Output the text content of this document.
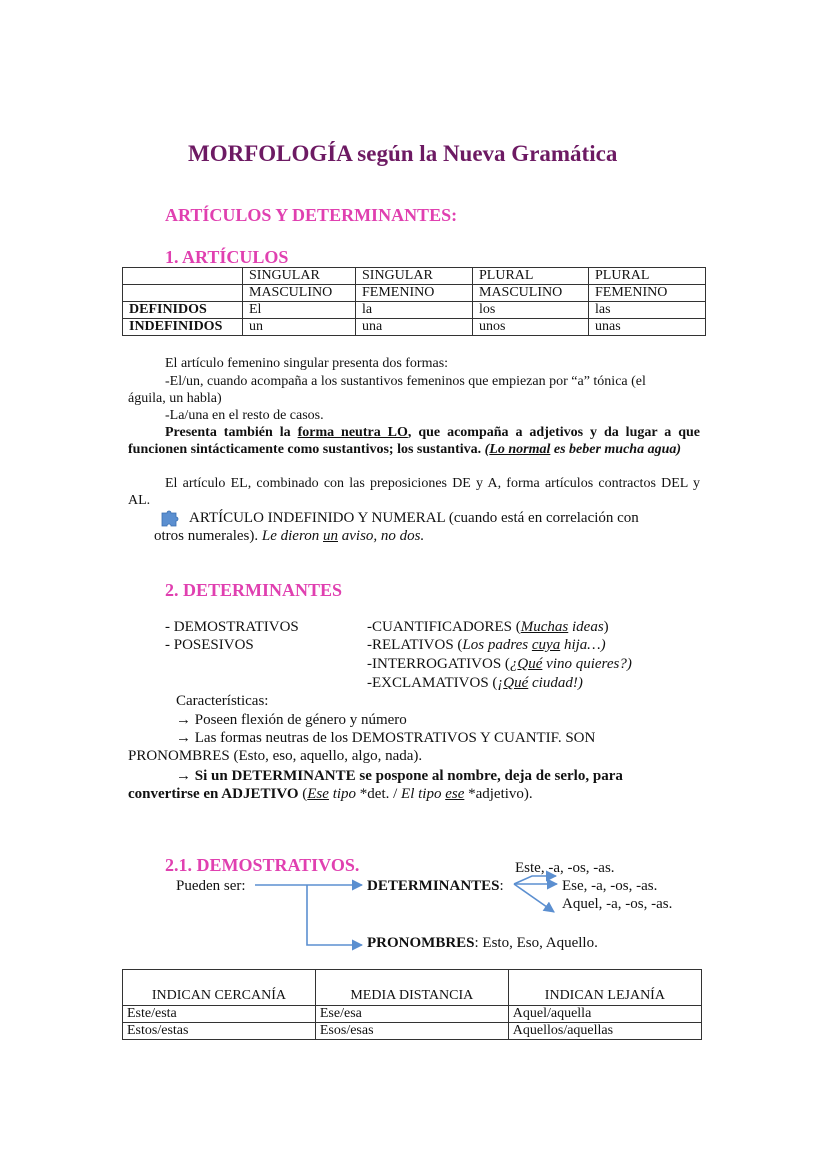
MORFOLOGÍA según la Nueva Gramática
ARTÍCULOS Y DETERMINANTES:
1. ARTÍCULOS
	SINGULAR	SINGULAR	PLURAL	PLURAL
	MASCULINO	FEMENINO	MASCULINO	FEMENINO
DEFINIDOS	El	la	los	las
INDEFINIDOS	un	una	unos	unas
El artículo femenino singular presenta dos formas:
-El/un, cuando acompaña a los sustantivos femeninos que empiezan por “a” tónica (el
águila, un habla)
-La/una en el resto de casos.
Presenta también la forma neutra LO, que acompaña a adjetivos y da lugar a que funcionen sintácticamente como sustantivos; los sustantiva. (Lo normal es beber mucha agua)
El artículo EL, combinado con las preposiciones DE y A, forma artículos contractos DEL y AL.
ARTÍCULO INDEFINIDO Y NUMERAL (cuando está en correlación con
otros numerales). Le dieron un aviso, no dos.
2. DETERMINANTES
- DEMOSTRATIVOS
- POSESIVOS
-CUANTIFICADORES (Muchas ideas)
-RELATIVOS (Los padres cuya hija…)
-INTERROGATIVOS (¿Qué vino quieres?)
-EXCLAMATIVOS (¡Qué ciudad!)
Características:
→ Poseen flexión de género y número
→ Las formas neutras de los DEMOSTRATIVOS Y CUANTIF. SON
PRONOMBRES (Esto, eso, aquello, algo, nada).
→ Si un DETERMINANTE se pospone al nombre, deja de serlo, para
convertirse en ADJETIVO (Ese tipo *det. / El tipo ese *adjetivo).
2.1. DEMOSTRATIVOS.	Este, -a, -os, -as.
Pueden ser:	DETERMINANTES:	Ese, -a, -os, -as.
Aquel, -a, -os, -as.
PRONOMBRES: Esto, Eso, Aquello.
INDICAN CERCANÍA	MEDIA DISTANCIA	INDICAN LEJANÍA
Este/esta	Ese/esa	Aquel/aquella
Estos/estas	Esos/esas	Aquellos/aquellas
